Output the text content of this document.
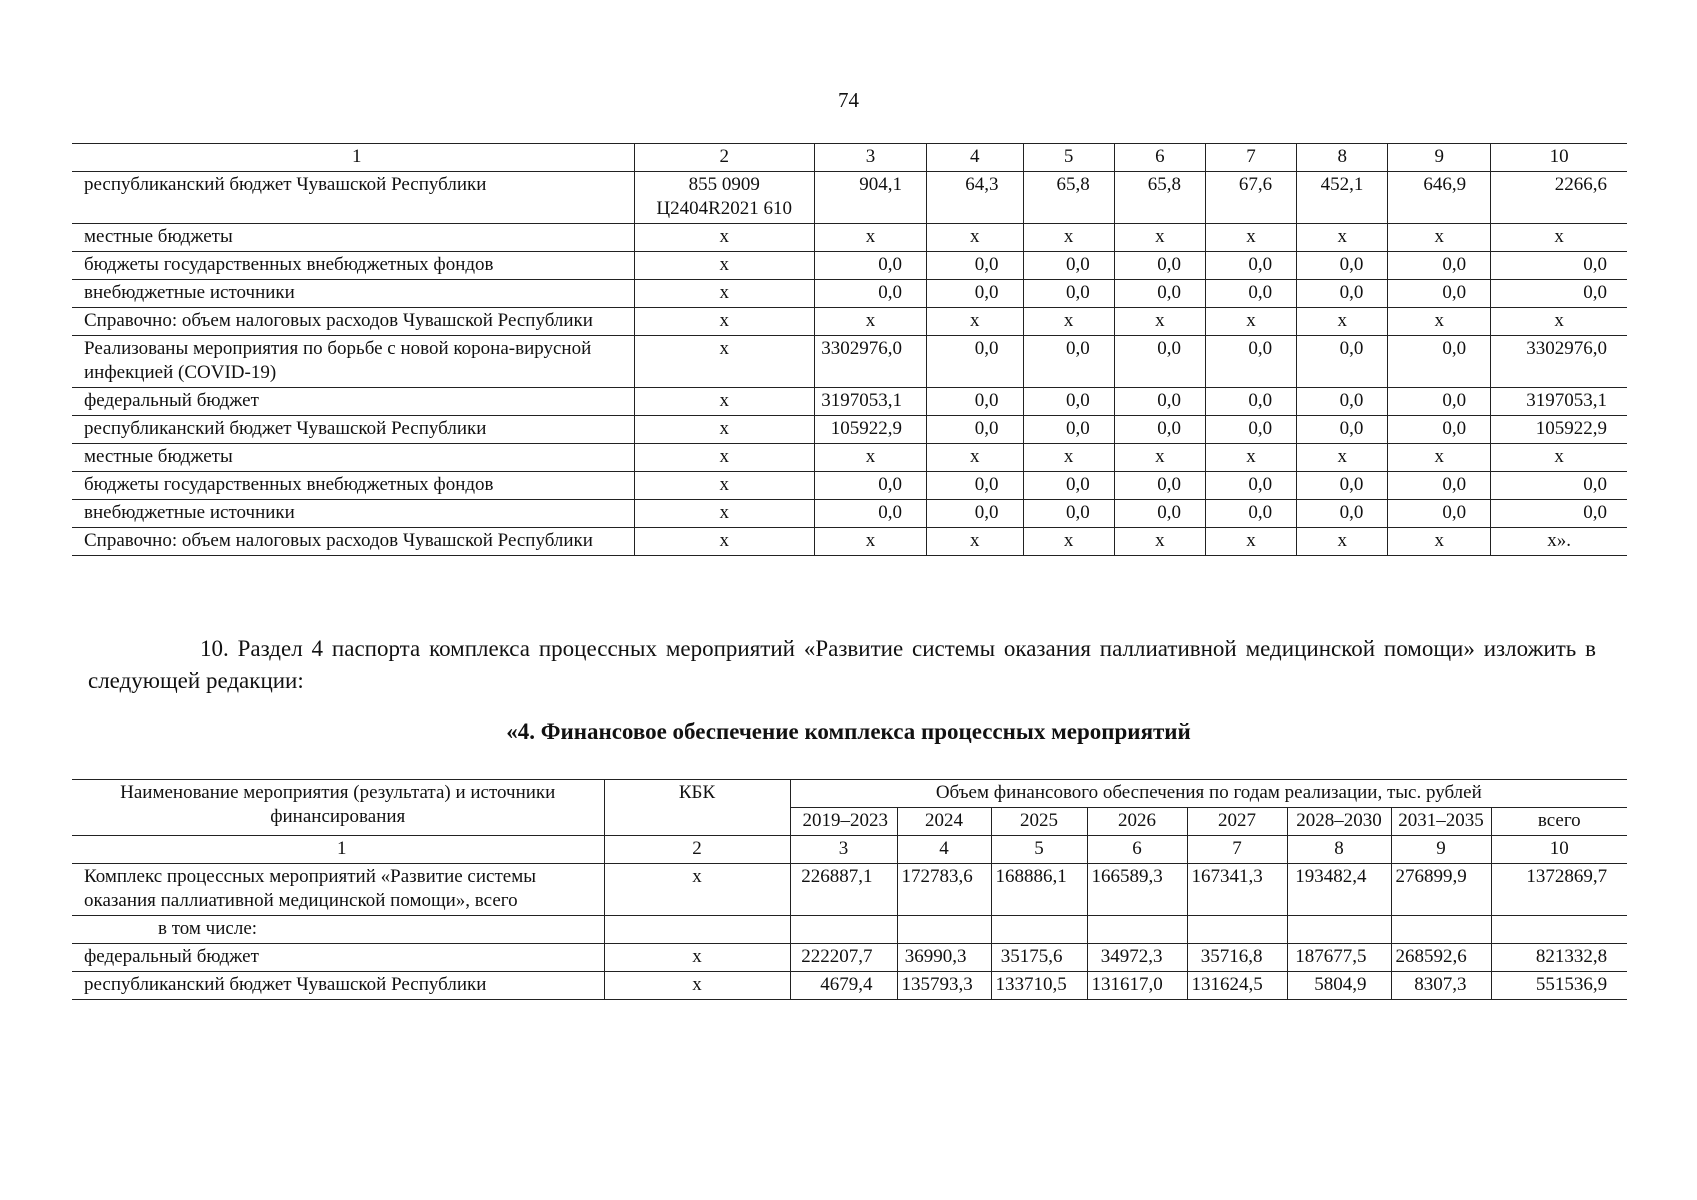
74
1	2	3	4	5	6	7	8	9	10
республиканский бюджет Чувашской Республики	855 0909 Ц2404R2021 610	904,1	64,3	65,8	65,8	67,6	452,1	646,9	2266,6
местные бюджеты	х	х	х	х	х	х	х	х	х
бюджеты государственных внебюджетных фондов	х	0,0	0,0	0,0	0,0	0,0	0,0	0,0	0,0
внебюджетные источники	х	0,0	0,0	0,0	0,0	0,0	0,0	0,0	0,0
Справочно: объем налоговых расходов Чувашской Республики	х	х	х	х	х	х	х	х	х
Реализованы мероприятия по борьбе с новой корона-вирусной инфекцией (COVID-19)	х	3302976,0	0,0	0,0	0,0	0,0	0,0	0,0	3302976,0
федеральный бюджет	х	3197053,1	0,0	0,0	0,0	0,0	0,0	0,0	3197053,1
республиканский бюджет Чувашской Республики	х	105922,9	0,0	0,0	0,0	0,0	0,0	0,0	105922,9
местные бюджеты	х	х	х	х	х	х	х	х	х
бюджеты государственных внебюджетных фондов	х	0,0	0,0	0,0	0,0	0,0	0,0	0,0	0,0
внебюджетные источники	х	0,0	0,0	0,0	0,0	0,0	0,0	0,0	0,0
Справочно: объем налоговых расходов Чувашской Республики	х	х	х	х	х	х	х	х	х».
10. Раздел 4 паспорта комплекса процессных мероприятий «Развитие системы оказания паллиативной медицинской помощи» изложить в следующей редакции:
«4. Финансовое обеспечение комплекса процессных мероприятий
Наименование мероприятия (результата) и источники финансирования	КБК	Объем финансового обеспечения по годам реализации, тыс. рублей							
		2019–2023	2024	2025	2026	2027	2028–2030	2031–2035	всего
1	2	3	4	5	6	7	8	9	10
Комплекс процессных мероприятий «Развитие системы оказания паллиативной медицинской помощи», всего	х	226887,1	172783,6	168886,1	166589,3	167341,3	193482,4	276899,9	1372869,7
в том числе:									
федеральный бюджет	х	222207,7	36990,3	35175,6	34972,3	35716,8	187677,5	268592,6	821332,8
республиканский бюджет Чувашской Республики	х	4679,4	135793,3	133710,5	131617,0	131624,5	5804,9	8307,3	551536,9
